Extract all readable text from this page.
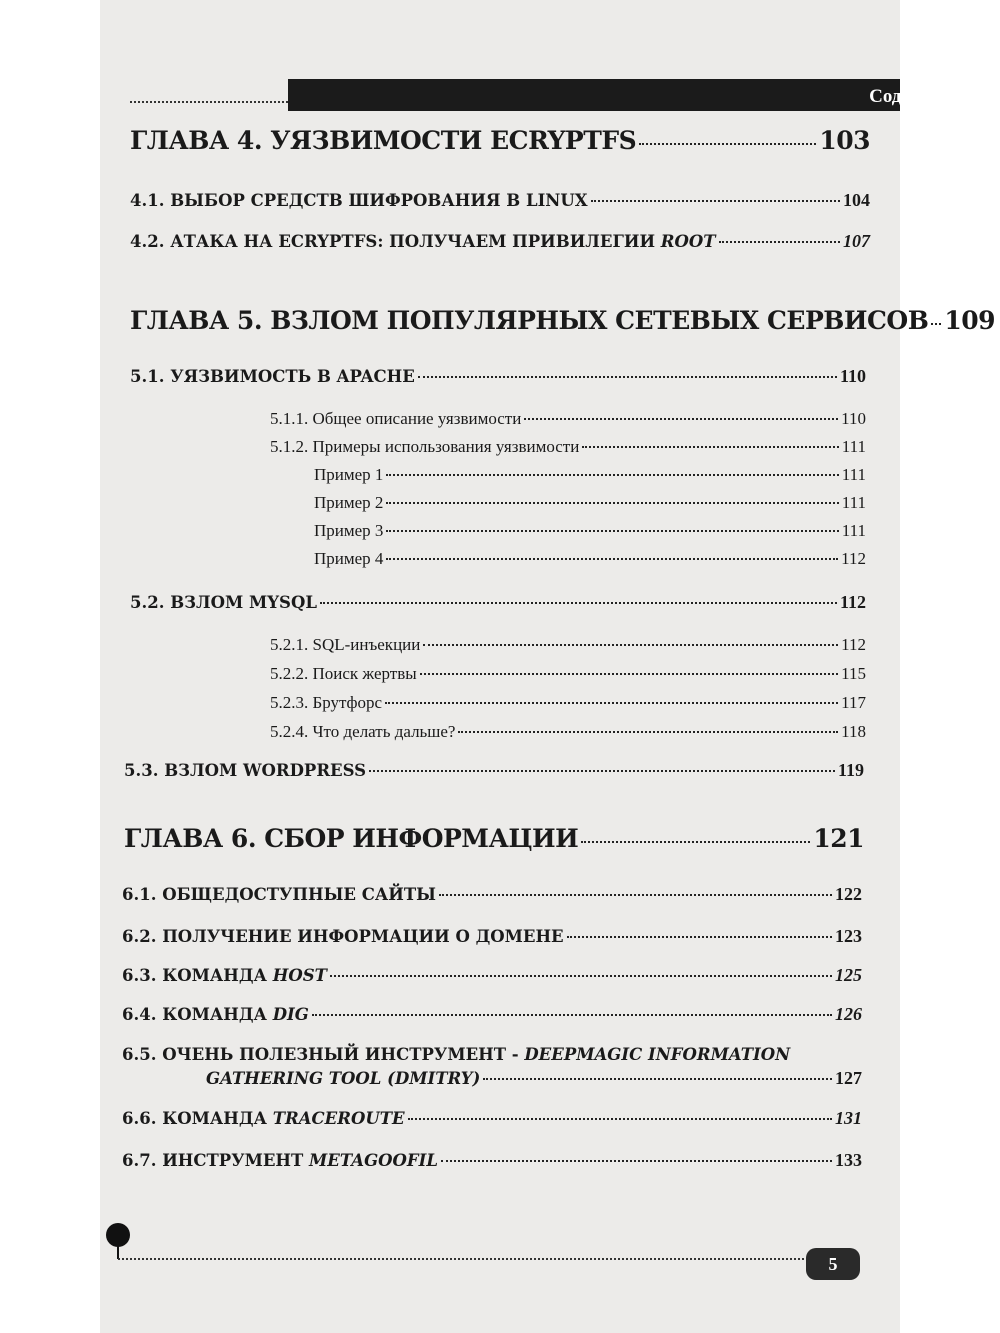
Содержание
ГЛАВА 4. УЯЗВИМОСТИ ECRYPTFS	103
4.1. ВЫБОР СРЕДСТВ ШИФРОВАНИЯ В LINUX	104
4.2. АТАКА НА ECRYPTFS: ПОЛУЧАЕМ ПРИВИЛЕГИИ ROOT	107
ГЛАВА 5. ВЗЛОМ ПОПУЛЯРНЫХ СЕТЕВЫХ СЕРВИСОВ 109
5.1. УЯЗВИМОСТЬ В APACHE	110
5.1.1. Общее описание уязвимости	110
5.1.2. Примеры использования уязвимости	111
Пример 1	111
Пример 2	111
Пример 3	111
Пример 4	112
5.2. ВЗЛОМ MYSQL	112
5.2.1. SQL-инъекции	112
5.2.2. Поиск жертвы	115
5.2.3. Брутфорс	117
5.2.4. Что делать дальше?	118
5.3. ВЗЛОМ WORDPRESS	119
ГЛАВА 6. СБОР ИНФОРМАЦИИ	121
6.1. ОБЩЕДОСТУПНЫЕ САЙТЫ	122
6.2. ПОЛУЧЕНИЕ ИНФОРМАЦИИ О ДОМЕНЕ	123
6.3. КОМАНДА HOST	125
6.4. КОМАНДА DIG	126
6.5. ОЧЕНЬ ПОЛЕЗНЫЙ ИНСТРУМЕНТ - DEEPMAGIC INFORMATION
GATHERING TOOL (DMITRY)	127
6.6. КОМАНДА TRACEROUTE	131
6.7. ИНСТРУМЕНТ METAGOOFIL	133
5
